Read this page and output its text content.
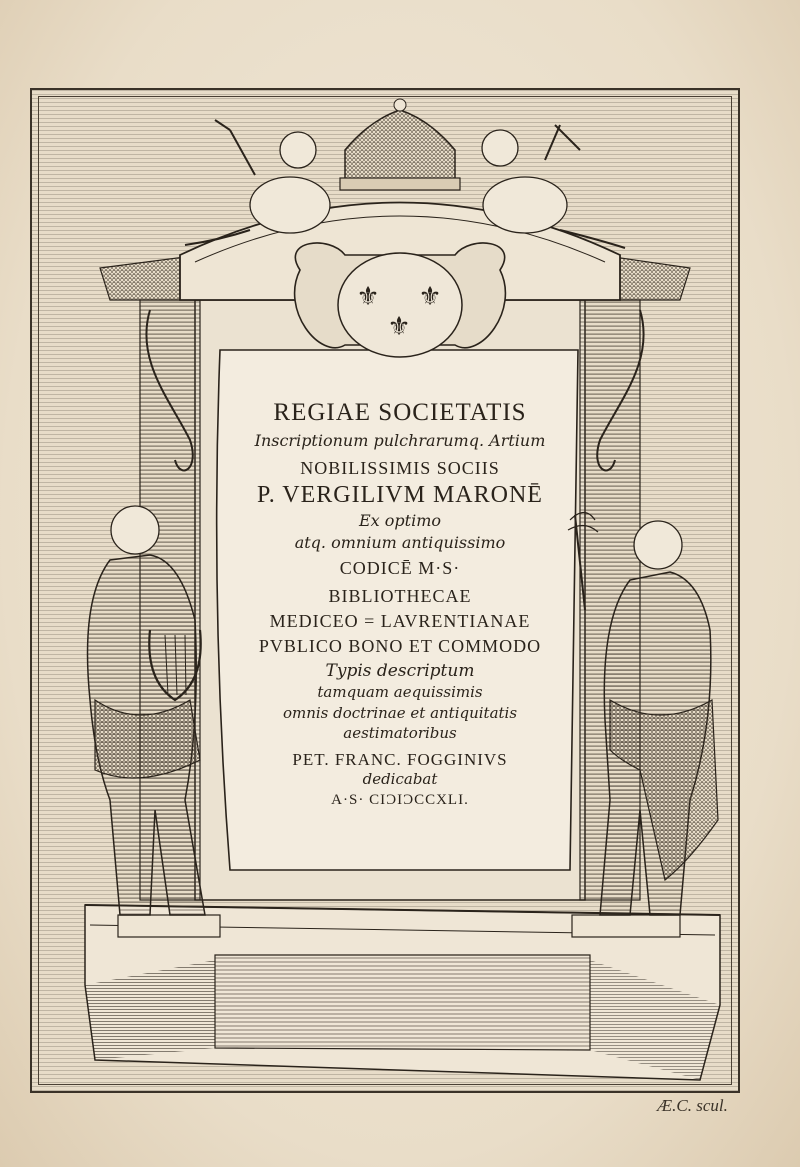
⚜ ⚜
⚜
REGIAE SOCIETATIS
Inscriptionum pulchrarumq. Artium
NOBILISSIMIS SOCIIS
P. VERGILIVM MARONĒ
Ex optimo
atq. omnium antiquissimo
CODICĒ M·S·
BIBLIOTHECAE
MEDICEO = LAVRENTIANAE
PVBLICO BONO ET COMMODO
Typis descriptum
tamquam aequissimis
omnis doctrinae et antiquitatis
aestimatoribus
PET. FRANC. FOGGINIVS
dedicabat
A·S· CIƆIƆCCXLI.
Æ.C. scul.
